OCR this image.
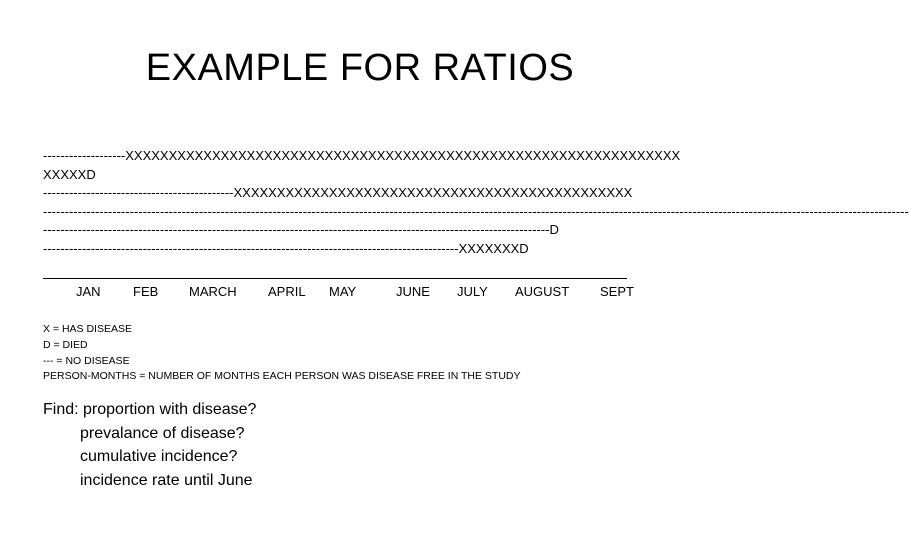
EXAMPLE FOR RATIOS
-------------------XXXXXXXXXXXXXXXXXXXXXXXXXXXXXXXXXXXXXXXXXXXXXXXXXXXXXXXXXXXXXXXX
XXXXXD
--------------------------------------------XXXXXXXXXXXXXXXXXXXXXXXXXXXXXXXXXXXXXXXXXXXXXX
--------------------------------------------------------------------------------------------------------------------------------------------------------------------------------------------------------
---------------------------------------------------------------------------------------------------------------------D
------------------------------------------------------------------------------------------------XXXXXXXD
JAN FEB MARCH APRIL MAY	JUNE JULY AUGUST SEPT
X = HAS DISEASE
D = DIED
--- = NO DISEASE
PERSON-MONTHS = NUMBER OF MONTHS EACH PERSON WAS DISEASE FREE IN THE STUDY
Find: proportion with disease?
prevalance of disease?
cumulative incidence?
incidence rate until June
